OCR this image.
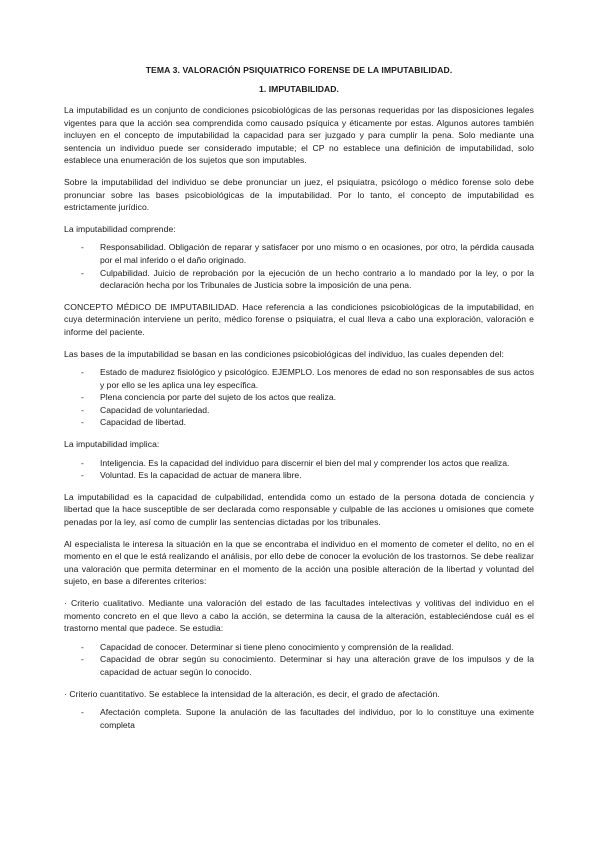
TEMA 3. VALORACIÓN PSIQUIATRICO FORENSE DE LA IMPUTABILIDAD.

1. IMPUTABILIDAD.

La imputabilidad es un conjunto de condiciones psicobiológicas de las personas requeridas por las disposiciones legales vigentes para que la acción sea comprendida como causado psíquica y éticamente por estas. Algunos autores también incluyen en el concepto de imputabilidad la capacidad para ser juzgado y para cumplir la pena. Solo mediante una sentencia un individuo puede ser considerado imputable; el CP no establece una definición de imputabilidad, solo establece una enumeración de los sujetos que son imputables.

Sobre la imputabilidad del individuo se debe pronunciar un juez, el psiquiatra, psicólogo o médico forense solo debe pronunciar sobre las bases psicobiológicas de la imputabilidad. Por lo tanto, el concepto de imputabilidad es estrictamente jurídico.

La imputabilidad comprende:

- Responsabilidad. Obligación de reparar y satisfacer por uno mismo o en ocasiones, por otro, la pérdida causada por el mal inferido o el daño originado.
- Culpabilidad. Juicio de reprobación por la ejecución de un hecho contrario a lo mandado por la ley, o por la declaración hecha por los Tribunales de Justicia sobre la imposición de una pena.

CONCEPTO MÉDICO DE IMPUTABILIDAD. Hace referencia a las condiciones psicobiológicas de la imputabilidad, en cuya determinación interviene un perito, médico forense o psiquiatra, el cual lleva a cabo una exploración, valoración e informe del paciente.

Las bases de la imputabilidad se basan en las condiciones psicobiológicas del individuo, las cuales dependen del:

- Estado de madurez fisiológico y psicológico. EJEMPLO. Los menores de edad no son responsables de sus actos y por ello se les aplica una ley específica.
- Plena conciencia por parte del sujeto de los actos que realiza.
- Capacidad de voluntariedad.
- Capacidad de libertad.

La imputabilidad implica:

- Inteligencia. Es la capacidad del individuo para discernir el bien del mal y comprender los actos que realiza.
- Voluntad. Es la capacidad de actuar de manera libre.

La imputabilidad es la capacidad de culpabilidad, entendida como un estado de la persona dotada de conciencia y libertad que la hace susceptible de ser declarada como responsable y culpable de las acciones u omisiones que comete penadas por la ley, así como de cumplir las sentencias dictadas por los tribunales.

Al especialista le interesa la situación en la que se encontraba el individuo en el momento de cometer el delito, no en el momento en el que le está realizando el análisis, por ello debe de conocer la evolución de los trastornos. Se debe realizar una valoración que permita determinar en el momento de la acción una posible alteración de la libertad y voluntad del sujeto, en base a diferentes criterios:

· Criterio cualitativo. Mediante una valoración del estado de las facultades intelectivas y volitivas del individuo en el momento concreto en el que llevo a cabo la acción, se determina la causa de la alteración, estableciéndose cuál es el trastorno mental que padece. Se estudia:

- Capacidad de conocer. Determinar si tiene pleno conocimiento y comprensión de la realidad.
- Capacidad de obrar según su conocimiento. Determinar si hay una alteración grave de los impulsos y de la capacidad de actuar según lo conocido.

· Criterio cuantitativo. Se establece la intensidad de la alteración, es decir, el grado de afectación.

- Afectación completa. Supone la anulación de las facultades del individuo, por lo lo constituye una eximente completa
